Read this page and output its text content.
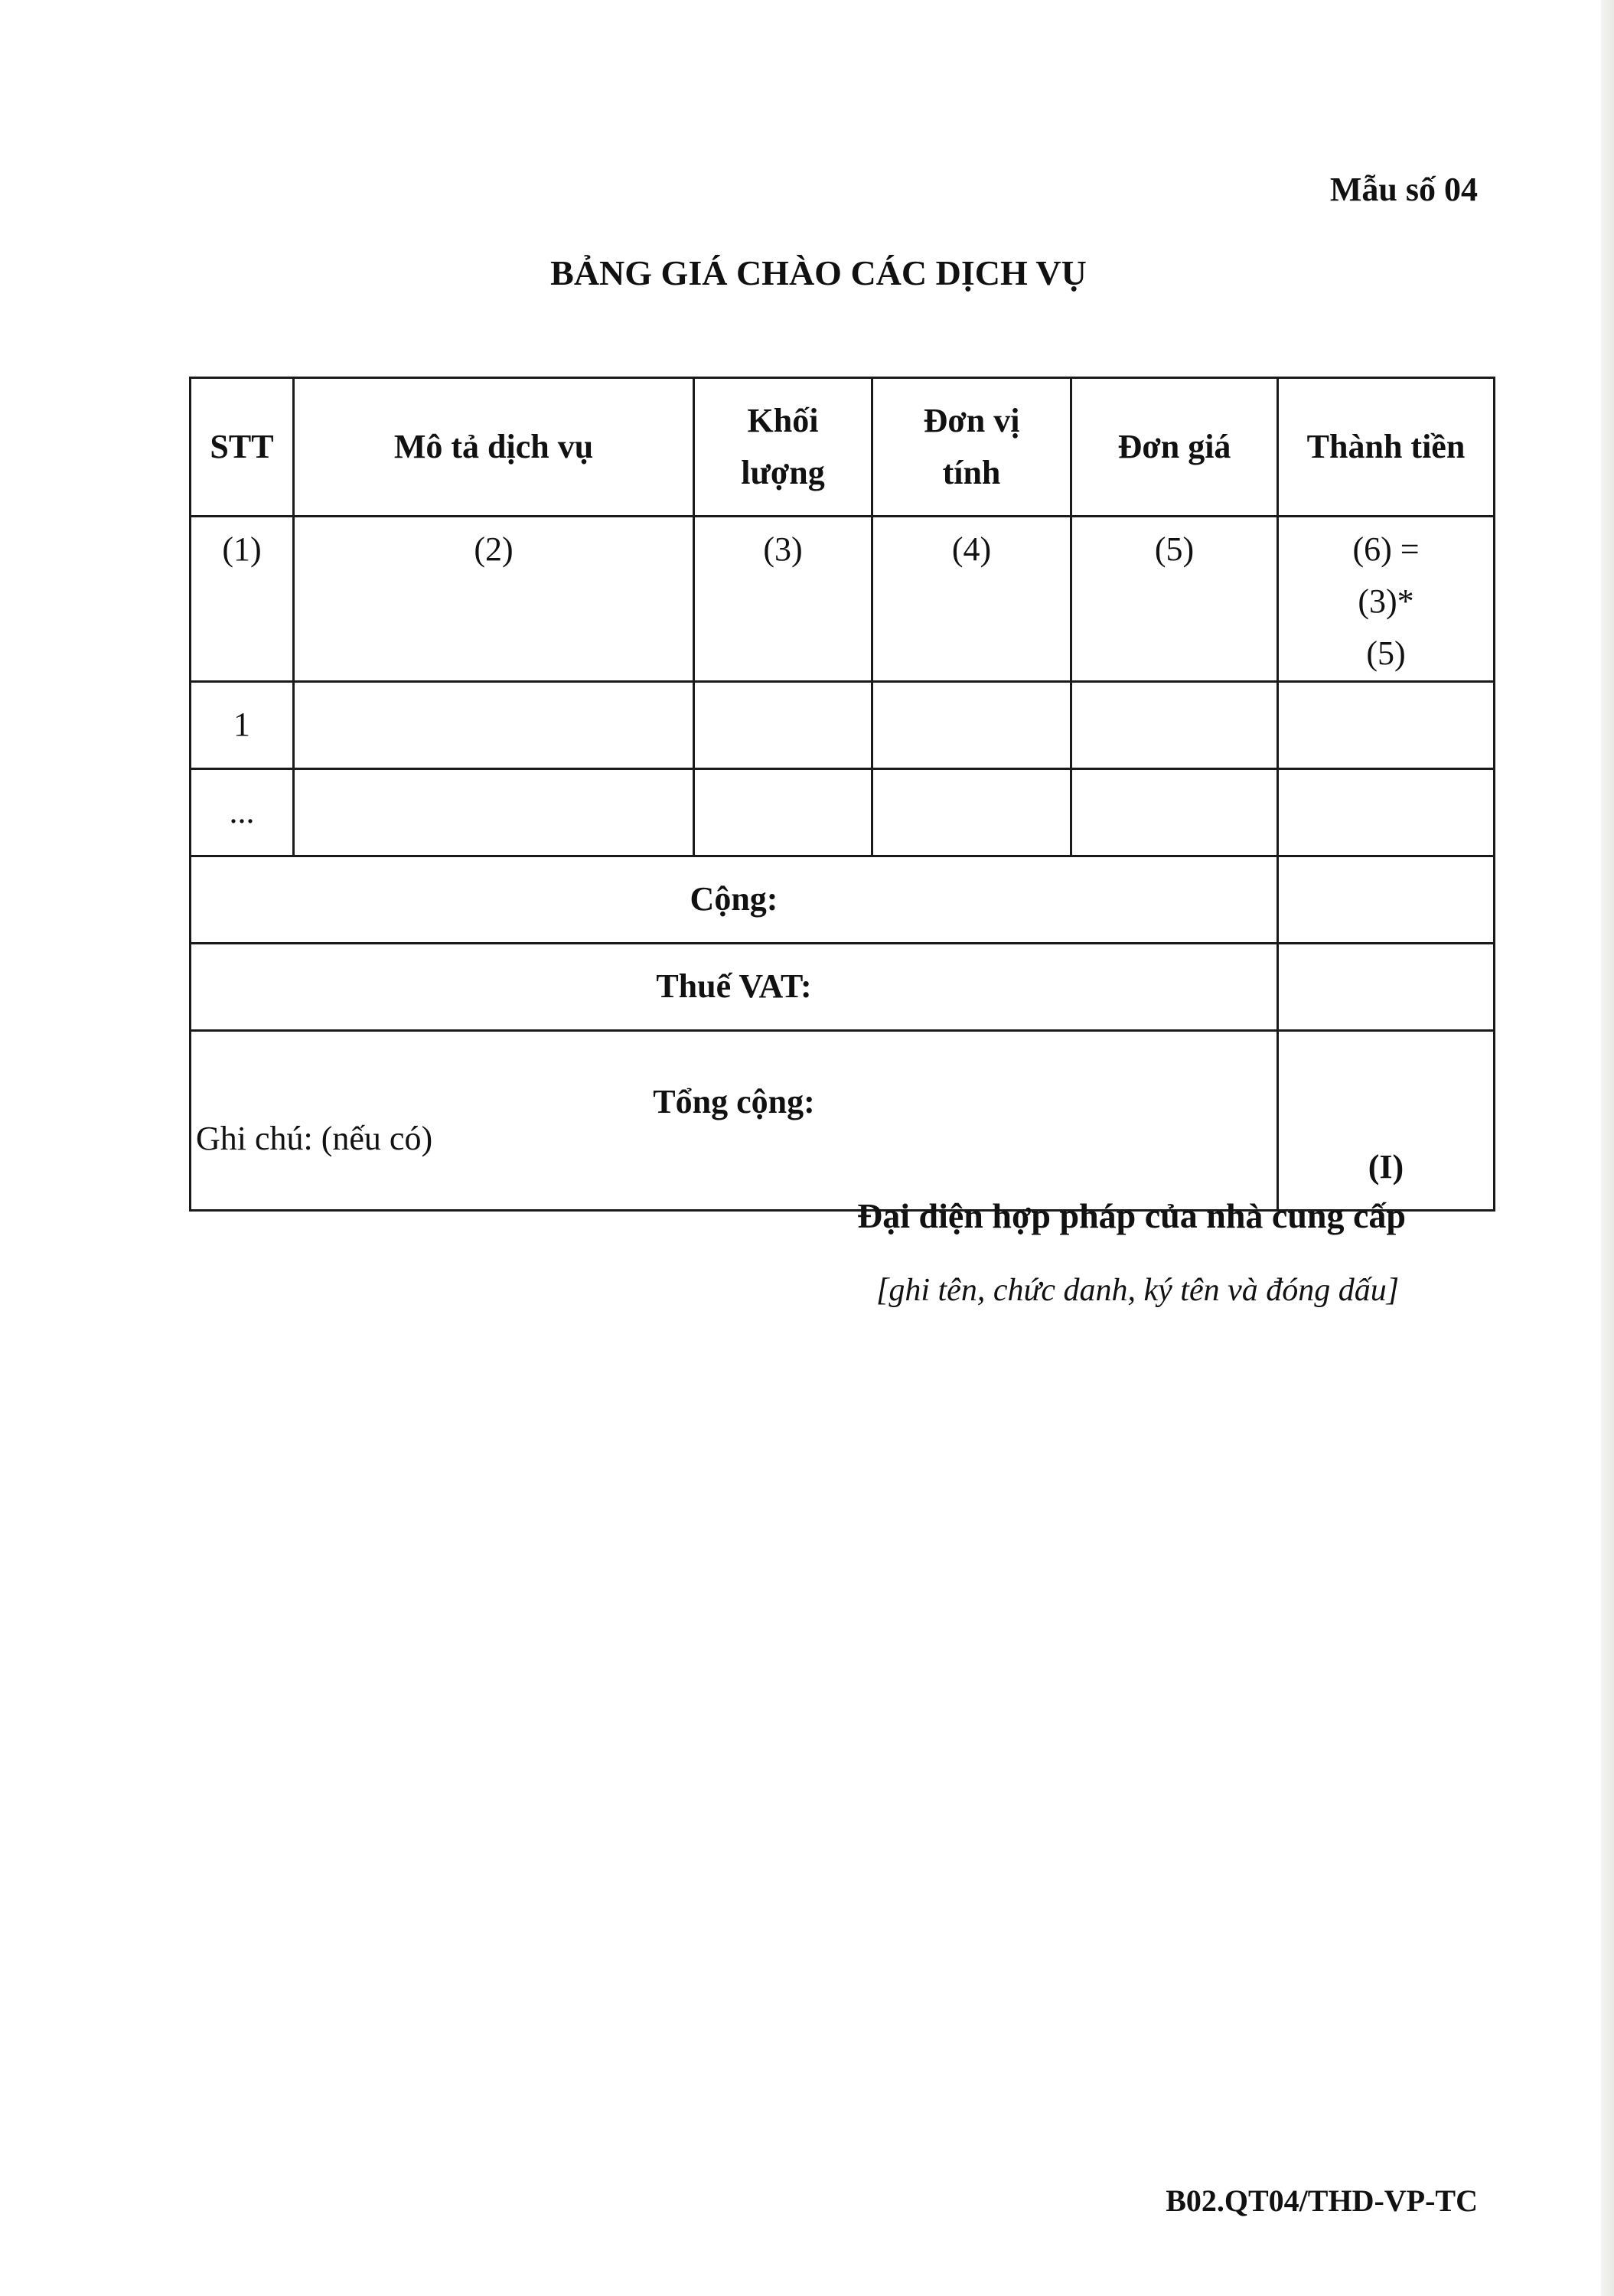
Mẫu số 04
BẢNG GIÁ CHÀO CÁC DỊCH VỤ
STT	Mô tả dịch vụ	Khối lượng	Đơn vị tính	Đơn giá	Thành tiền
(1)	(2)	(3)	(4)	(5)	(6) = (3)*(5)

1					
...					
Cộng:					
Thuế VAT:					
Tổng cộng:					(I)
Ghi chú: (nếu có)
Đại diện hợp pháp của nhà cung cấp
[ghi tên, chức danh, ký tên và đóng dấu]
B02.QT04/THD-VP-TC
